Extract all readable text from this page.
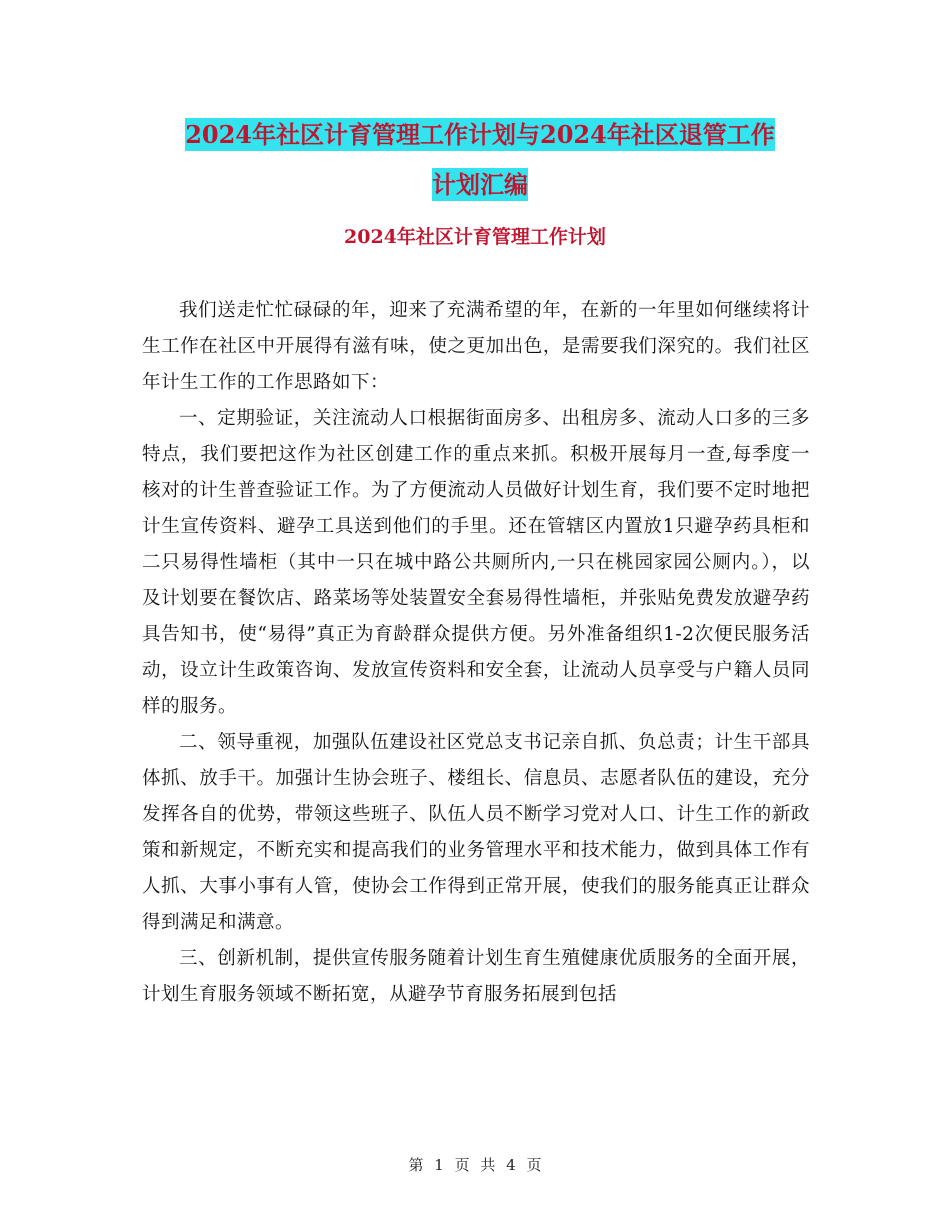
2024年社区计育管理工作计划与2024年社区退管工作
计划汇编
2024年社区计育管理工作计划

我们送走忙忙碌碌的年，迎来了充满希望的年，在新的一年里如何继续将计生工作在社区中开展得有滋有味，使之更加出色，是需要我们深究的。我们社区年计生工作的工作思路如下：

一、定期验证，关注流动人口根据街面房多、出租房多、流动人口多的三多特点，我们要把这作为社区创建工作的重点来抓。积极开展每月一查,每季度一核对的计生普查验证工作。为了方便流动人员做好计划生育，我们要不定时地把计生宣传资料、避孕工具送到他们的手里。还在管辖区内置放1只避孕药具柜和二只易得性墙柜（其中一只在城中路公共厕所内,一只在桃园家园公厕内。），以及计划要在餐饮店、路菜场等处装置安全套易得性墙柜，并张贴免费发放避孕药具告知书，使“易得”真正为育龄群众提供方便。另外准备组织1-2次便民服务活动，设立计生政策咨询、发放宣传资料和安全套，让流动人员享受与户籍人员同样的服务。

二、领导重视，加强队伍建设社区党总支书记亲自抓、负总责；计生干部具体抓、放手干。加强计生协会班子、楼组长、信息员、志愿者队伍的建设，充分发挥各自的优势，带领这些班子、队伍人员不断学习党对人口、计生工作的新政策和新规定，不断充实和提高我们的业务管理水平和技术能力，做到具体工作有人抓、大事小事有人管，使协会工作得到正常开展，使我们的服务能真正让群众得到满足和满意。

三、创新机制，提供宣传服务随着计划生育生殖健康优质服务的全面开展，计划生育服务领域不断拓宽，从避孕节育服务拓展到包括

第 1 页 共 4 页
